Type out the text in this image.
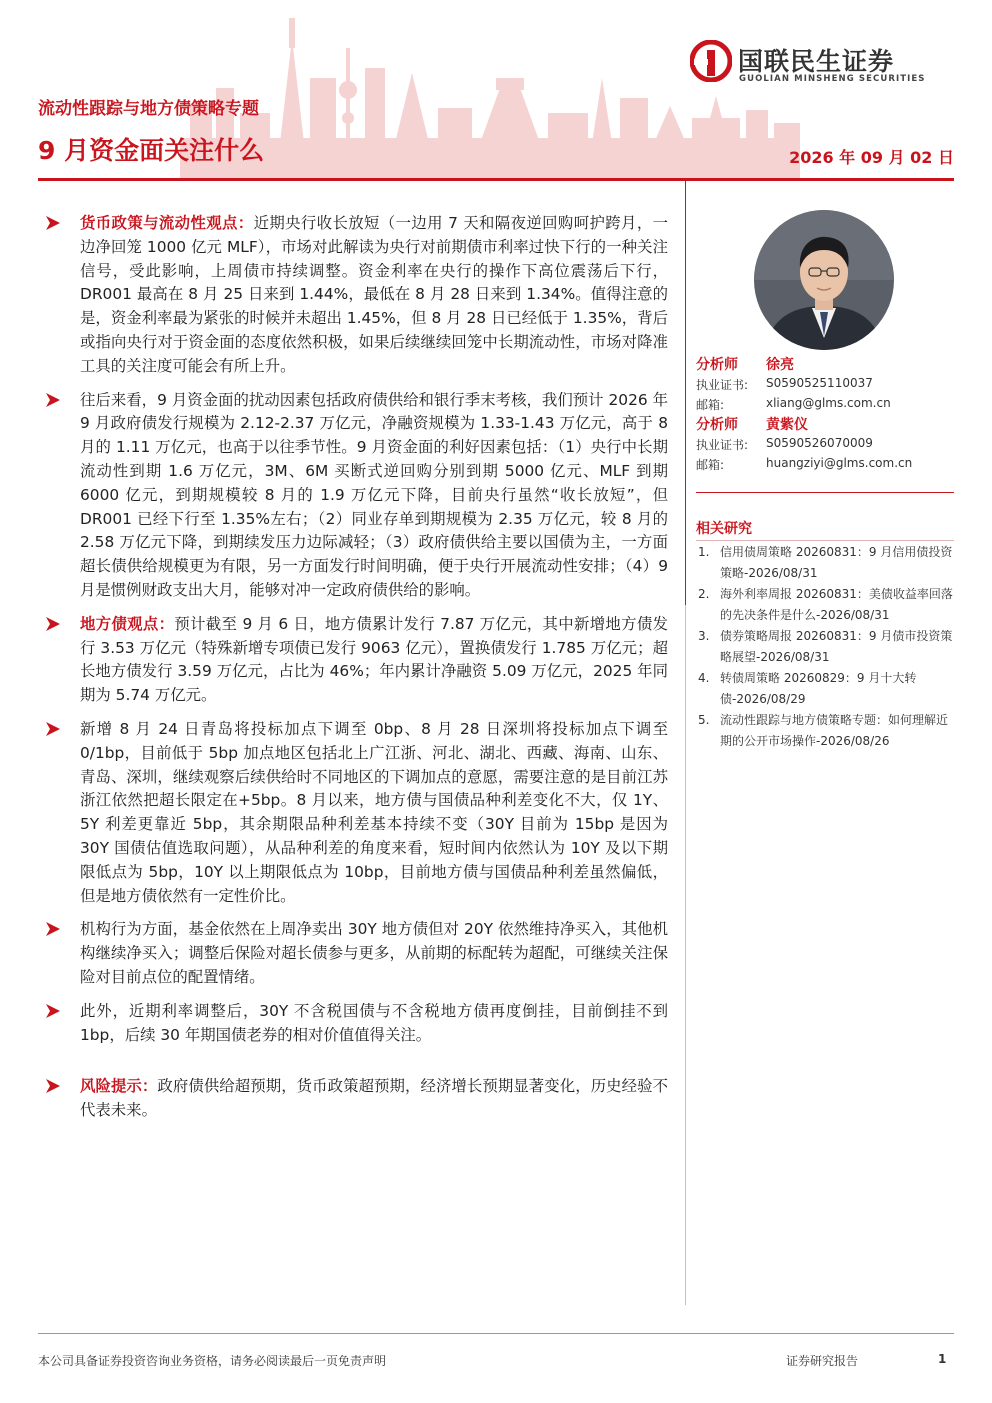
国联民生证券
GUOLIAN MINSHENG SECURITIES
流动性跟踪与地方债策略专题
9 月资金面关注什么	2026 年 09 月 02 日
货币政策与流动性观点：近期央行收长放短（一边用 7 天和隔夜逆回购呵护跨月，一边净回笼 1000 亿元 MLF），市场对此解读为央行对前期债市利率过快下行的一种关注信号，受此影响，上周债市持续调整。资金利率在央行的操作下高位震荡后下行，DR001 最高在 8 月 25 日来到 1.44%，最低在 8 月 28 日来到 1.34%。值得注意的是，资金利率最为紧张的时候并未超出 1.45%，但 8 月 28 日已经低于 1.35%，背后或指向央行对于资金面的态度依然积极，如果后续继续回笼中长期流动性，市场对降准工具的关注度可能会有所上升。
往后来看，9 月资金面的扰动因素包括政府债供给和银行季末考核，我们预计 2026 年 9 月政府债发行规模为 2.12-2.37 万亿元，净融资规模为 1.33-1.43 万亿元，高于 8 月的 1.11 万亿元，也高于以往季节性。9 月资金面的利好因素包括：（1）央行中长期流动性到期 1.6 万亿元，3M、6M 买断式逆回购分别到期 5000 亿元、MLF 到期 6000 亿元，到期规模较 8 月的 1.9 万亿元下降，目前央行虽然“收长放短”，但 DR001 已经下行至 1.35%左右；（2）同业存单到期规模为 2.35 万亿元，较 8 月的 2.58 万亿元下降，到期续发压力边际减轻；（3）政府债供给主要以国债为主，一方面超长债供给规模更为有限，另一方面发行时间明确，便于央行开展流动性安排；（4）9 月是惯例财政支出大月，能够对冲一定政府债供给的影响。
地方债观点：预计截至 9 月 6 日，地方债累计发行 7.87 万亿元，其中新增地方债发行 3.53 万亿元（特殊新增专项债已发行 9063 亿元），置换债发行 1.785 万亿元；超长地方债发行 3.59 万亿元，占比为 46%；年内累计净融资 5.09 万亿元，2025 年同期为 5.74 万亿元。
新增 8 月 24 日青岛将投标加点下调至 0bp、8 月 28 日深圳将投标加点下调至 0/1bp，目前低于 5bp 加点地区包括北上广江浙、河北、湖北、西藏、海南、山东、青岛、深圳，继续观察后续供给时不同地区的下调加点的意愿，需要注意的是目前江苏浙江依然把超长限定在+5bp。8 月以来，地方债与国债品种利差变化不大，仅 1Y、5Y 利差更靠近 5bp，其余期限品种利差基本持续不变（30Y 目前为 15bp 是因为 30Y 国债估值选取问题），从品种利差的角度来看，短时间内依然认为 10Y 及以下期限低点为 5bp，10Y 以上期限低点为 10bp，目前地方债与国债品种利差虽然偏低，但是地方债依然有一定性价比。
机构行为方面，基金依然在上周净卖出 30Y 地方债但对 20Y 依然维持净买入，其他机构继续净买入；调整后保险对超长债参与更多，从前期的标配转为超配，可继续关注保险对目前点位的配置情绪。
此外，近期利率调整后，30Y 不含税国债与不含税地方债再度倒挂，目前倒挂不到 1bp，后续 30 年期国债老券的相对价值值得关注。
风险提示：政府债供给超预期，货币政策超预期，经济增长预期显著变化，历史经验不代表未来。
分析师 徐亮
执业证书: S0590525110037
邮箱:	xliang@glms.com.cn
分析师 黄紫仪
执业证书: S0590526070009
邮箱:	huangziyi@glms.com.cn
相关研究
1. 信用债周策略 20260831：9 月信用债投资策略-2026/08/31
2. 海外利率周报 20260831：美债收益率回落的先决条件是什么-2026/08/31
3. 债券策略周报 20260831：9 月债市投资策略展望-2026/08/31
4. 转债周策略 20260829：9 月十大转债-2026/08/29
5. 流动性跟踪与地方债策略专题：如何理解近期的公开市场操作-2026/08/26
本公司具备证券投资咨询业务资格，请务必阅读最后一页免责声明	证券研究报告	1
